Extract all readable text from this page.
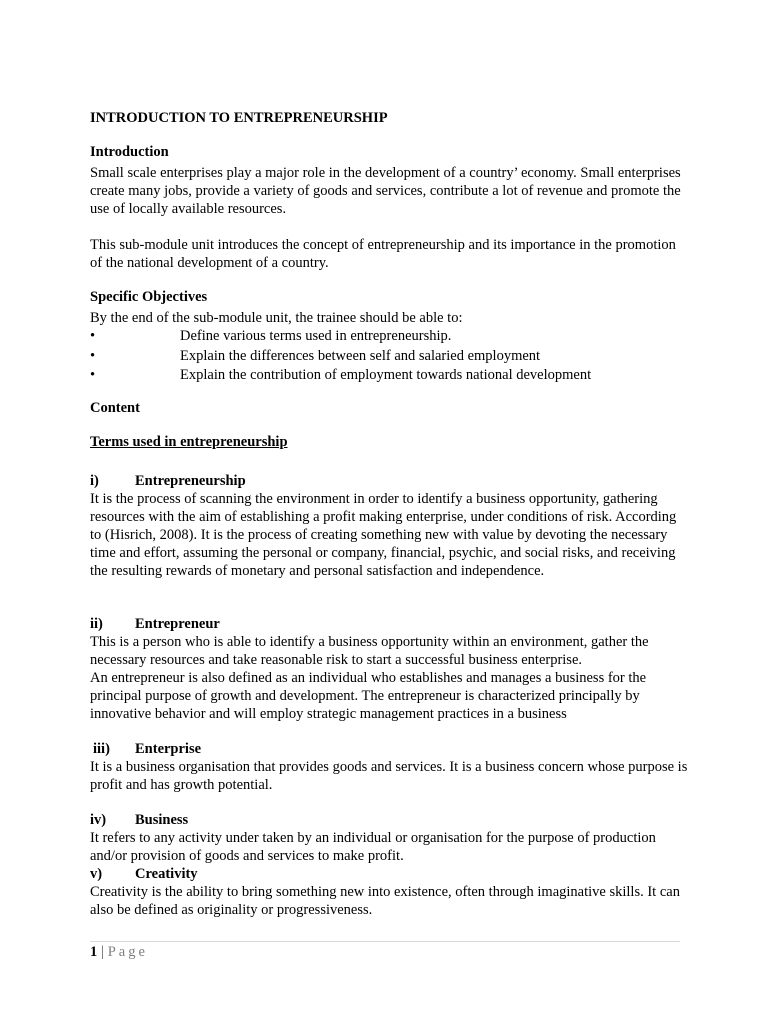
INTRODUCTION TO ENTREPRENEURSHIP
Introduction

Small scale enterprises play a major role in the development of a country’ economy. Small enterprises create many jobs, provide a variety of goods and services, contribute a lot of revenue and promote the use of locally available resources.

This sub-module unit introduces the concept of entrepreneurship and its importance in the promotion of the national development of a country.

Specific Objectives
By the end of the sub-module unit, the trainee should be able to:
•	Define various terms used in entrepreneurship.
•	Explain the differences between self and salaried employment
•	Explain the contribution of employment towards national development
Content
Terms used in entrepreneurship
i) Entrepreneurship

It is the process of scanning the environment in order to identify a business opportunity, gathering resources with the aim of establishing a profit making enterprise, under conditions of risk. According to (Hisrich, 2008). It is the process of creating something new with value by devoting the necessary time and effort, assuming the personal or company, financial, psychic, and social risks, and receiving the resulting rewards of monetary and personal satisfaction and independence.

ii) Entrepreneur

This is a person who is able to identify a business opportunity within an environment, gather the necessary resources and take reasonable risk to start a successful business enterprise.

An entrepreneur is also defined as an individual who establishes and manages a business for the principal purpose of growth and development. The entrepreneur is characterized principally by innovative behavior and will employ strategic management practices in a business

iii) Enterprise

It is a business organisation that provides goods and services. It is a business concern whose purpose is profit and has growth potential.

iv) Business

It refers to any activity under taken by an individual or organisation for the purpose of production and/or provision of goods and services to make profit.

v) Creativity

Creativity is the ability to bring something new into existence, often through imaginative skills. It can also be defined as originality or progressiveness.

1 | Page
